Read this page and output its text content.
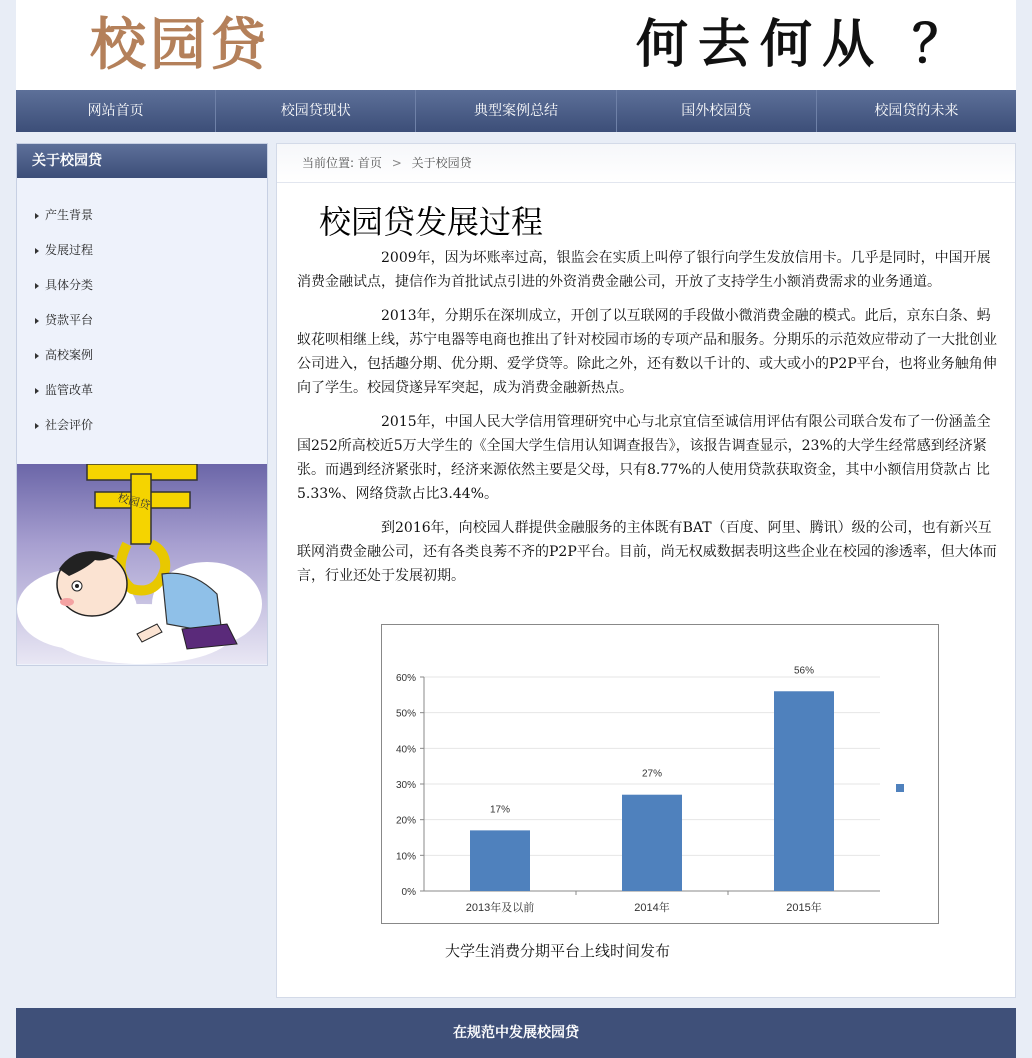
校园贷	何去何从 ？
网站首页	校园贷现状	典型案例总结	国外校园贷	校园贷的未来
关于校园贷
产生背景
发展过程
具体分类
贷款平台
高校案例
监管改革
社会评价
校园贷
当前位置: 首页 > 关于校园贷
校园贷发展过程

2009年，因为坏账率过高，银监会在实质上叫停了银行向学生发放信用卡。几乎是同时，中国开展消费金融试点，捷信作为首批试点引进的外资消费金融公司，开放了支持学生小额消费需求的业务通道。

2013年，分期乐在深圳成立，开创了以互联网的手段做小微消费金融的模式。此后，京东白条、蚂蚁花呗相继上线，苏宁电器等电商也推出了针对校园市场的专项产品和服务。分期乐的示范效应带动了一大批创业公司进入，包括趣分期、优分期、爱学贷等。除此之外，还有数以千计的、或大或小的P2P平台，也将业务触角伸向了学生。校园贷遂异军突起，成为消费金融新热点。

2015年，中国人民大学信用管理研究中心与北京宜信至诚信用评估有限公司联合发布了一份涵盖全国252所高校近5万大学生的《全国大学生信用认知调查报告》，该报告调查显示，23%的大学生经常感到经济紧张。而遇到经济紧张时，经济来源依然主要是父母，只有8.77%的人使用贷款获取资金，其中小额信用贷款占 比5.33%、网络贷款占比3.44%。

到2016年，向校园人群提供金融服务的主体既有BAT（百度、阿里、腾讯）级的公司，也有新兴互联网消费金融公司，还有各类良莠不齐的P2P平台。目前，尚无权威数据表明这些企业在校园的渗透率，但大体而言，行业还处于发展初期。

0%
10%
20%
30%
40%
50%
60%
17%
2013年及以前
27%
2014年
56%
2015年
大学生消费分期平台上线时间发布
在规范中发展校园贷
